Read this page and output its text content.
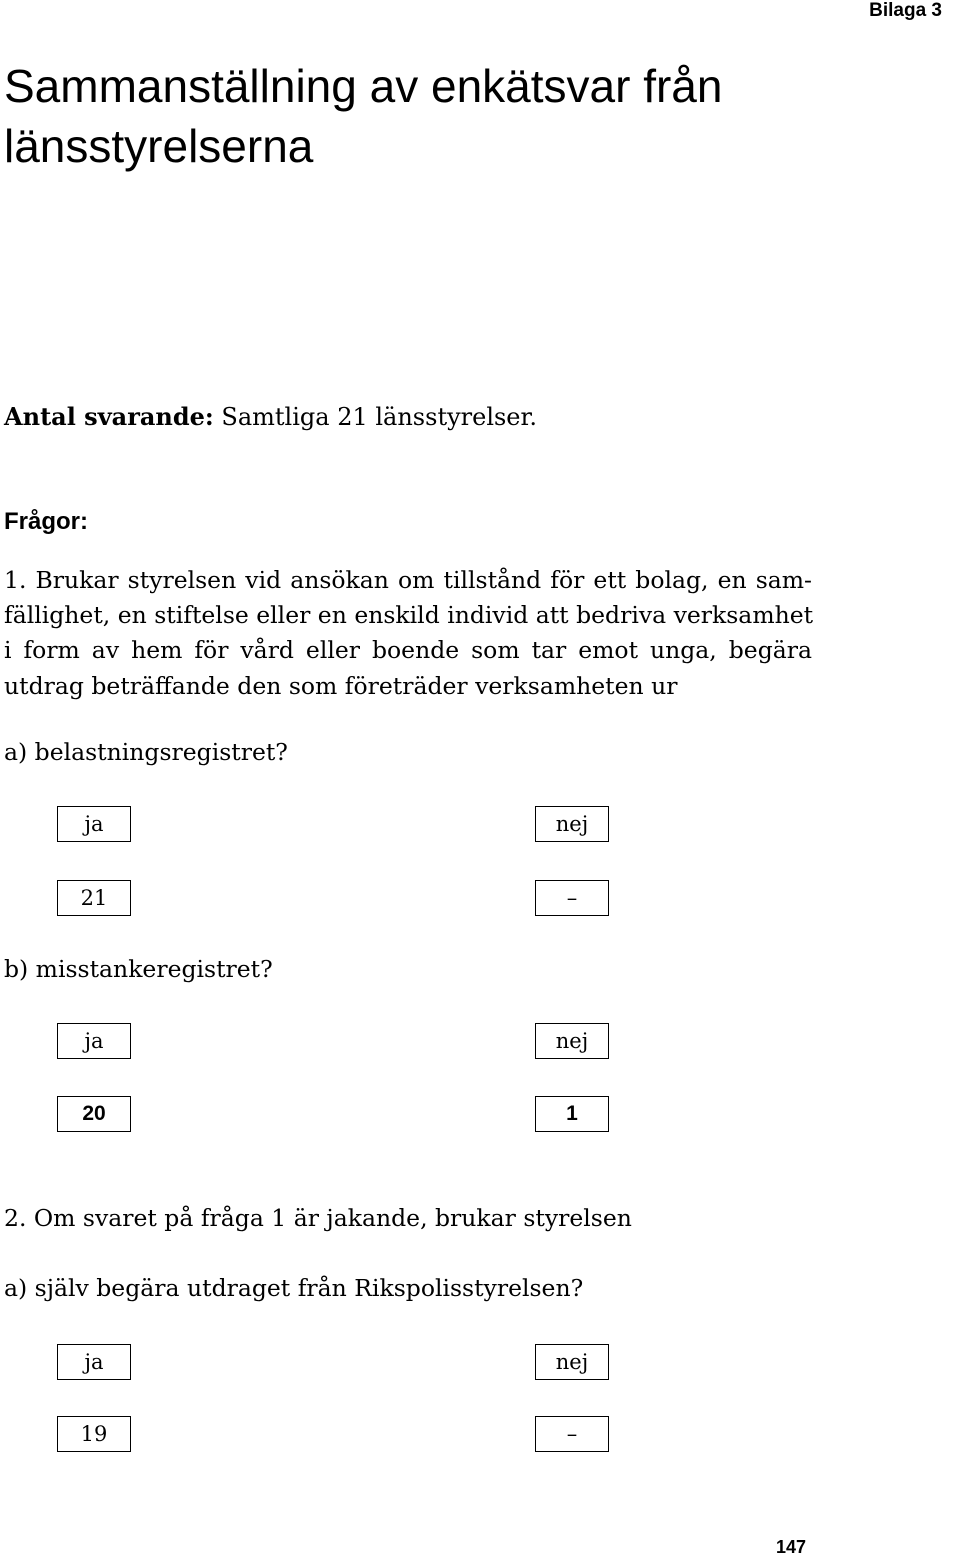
Bilaga 3
Sammanställning av enkätsvar från länsstyrelserna
Antal svarande: Samtliga 21 länsstyrelser.
Frågor:
1. Brukar styrelsen vid ansökan om tillstånd för ett bolag, en sam-
fällighet, en stiftelse eller en enskild individ att bedriva verksamhet
i form av hem för vård eller boende som tar emot unga, begära
utdrag beträffande den som företräder verksamheten ur
a) belastningsregistret?
ja	nej
21	–
b) misstankeregistret?
ja	nej
20	1
2. Om svaret på fråga 1 är jakande, brukar styrelsen
a) själv begära utdraget från Rikspolisstyrelsen?
ja	nej
19	–
147
